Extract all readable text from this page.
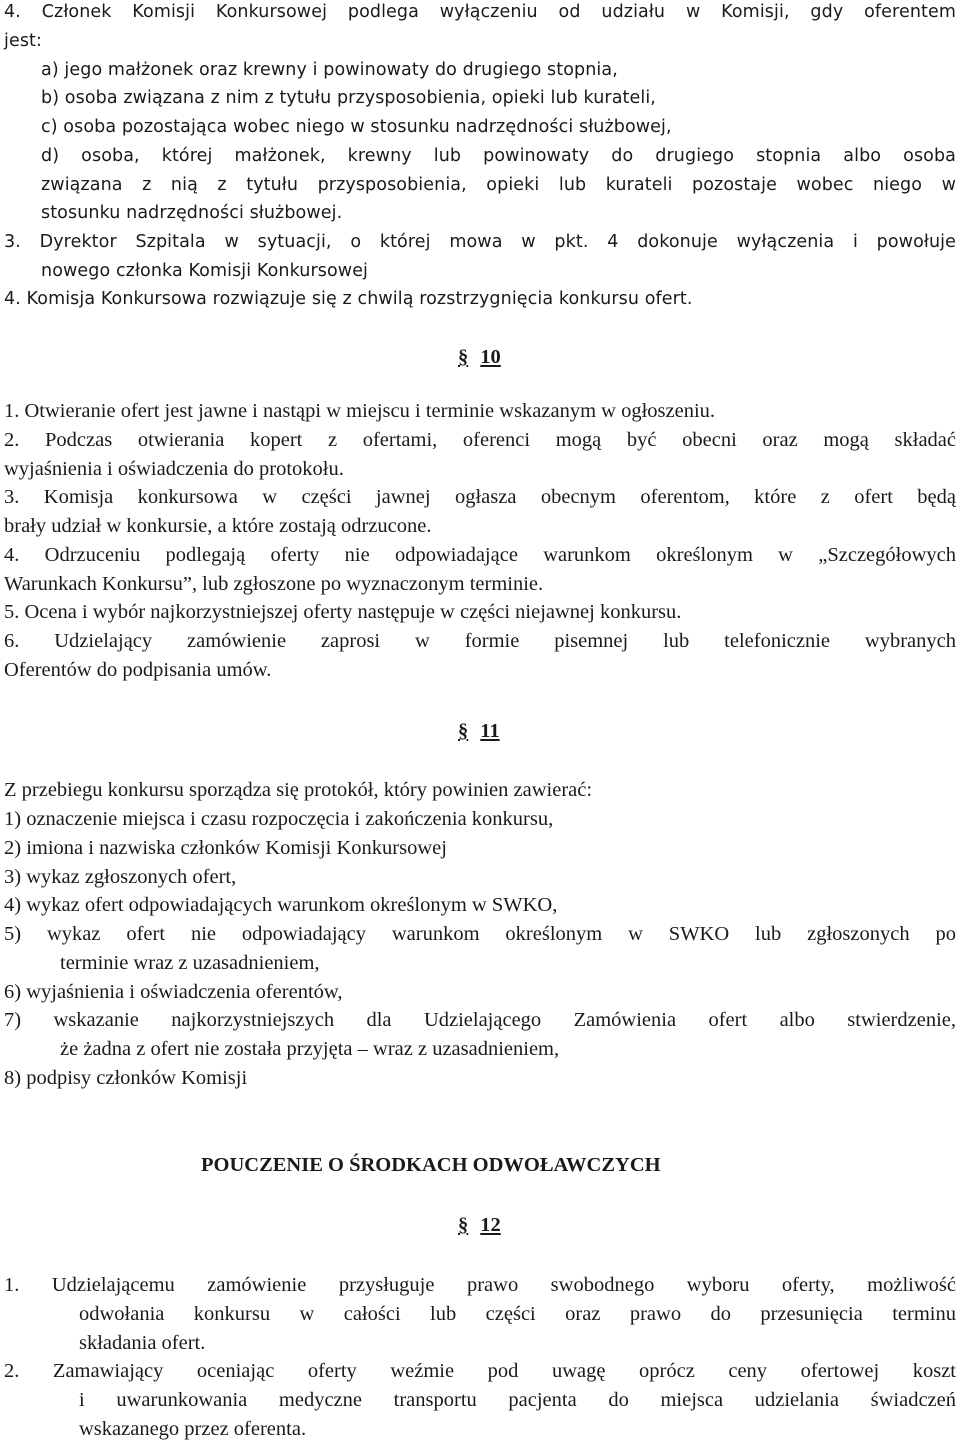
4. Członek Komisji Konkursowej podlega wyłączeniu od udziału w Komisji, gdy oferentem
jest:
a) jego małżonek oraz krewny i powinowaty do drugiego stopnia,
b) osoba związana z nim z tytułu przysposobienia, opieki lub kurateli,
c) osoba pozostająca wobec niego w stosunku nadrzędności służbowej,
d) osoba, której małżonek, krewny lub powinowaty do drugiego stopnia albo osoba
związana z nią z tytułu przysposobienia, opieki lub kurateli pozostaje wobec niego w
stosunku nadrzędności służbowej.
3. Dyrektor Szpitala w sytuacji, o której mowa w pkt. 4 dokonuje wyłączenia i powołuje
nowego członka Komisji Konkursowej
4. Komisja Konkursowa rozwiązuje się z chwilą rozstrzygnięcia konkursu ofert.
§ 10
1. Otwieranie ofert jest jawne i nastąpi w miejscu i terminie wskazanym w ogłoszeniu.
2. Podczas otwierania kopert z ofertami, oferenci mogą być obecni oraz mogą składać
wyjaśnienia i oświadczenia do protokołu.
3. Komisja konkursowa w części jawnej ogłasza obecnym oferentom, które z ofert będą
brały udział w konkursie, a które zostają odrzucone.
4. Odrzuceniu podlegają oferty nie odpowiadające warunkom określonym w „Szczegółowych
Warunkach Konkursu”, lub zgłoszone po wyznaczonym terminie.
5. Ocena i wybór najkorzystniejszej oferty następuje w części niejawnej konkursu.
6. Udzielający zamówienie zaprosi w formie pisemnej lub telefonicznie wybranych
Oferentów do podpisania umów.
§ 11
Z przebiegu konkursu sporządza się protokół, który powinien zawierać:
1) oznaczenie miejsca i czasu rozpoczęcia i zakończenia konkursu,
2) imiona i nazwiska członków Komisji Konkursowej
3) wykaz zgłoszonych ofert,
4) wykaz ofert odpowiadających warunkom określonym w SWKO,
5) wykaz ofert nie odpowiadający warunkom określonym w SWKO lub zgłoszonych po
terminie wraz z uzasadnieniem,
6) wyjaśnienia i oświadczenia oferentów,
7) wskazanie najkorzystniejszych dla Udzielającego Zamówienia ofert albo stwierdzenie,
że żadna z ofert nie została przyjęta – wraz z uzasadnieniem,
8) podpisy członków Komisji
POUCZENIE O ŚRODKACH ODWOŁAWCZYCH
§ 12
1. Udzielającemu zamówienie przysługuje prawo swobodnego wyboru oferty, możliwość
odwołania konkursu w całości lub części oraz prawo do przesunięcia terminu
składania ofert.
2. Zamawiający oceniając oferty weźmie pod uwagę oprócz ceny ofertowej koszt
i uwarunkowania medyczne transportu pacjenta do miejsca udzielania świadczeń
wskazanego przez oferenta.
